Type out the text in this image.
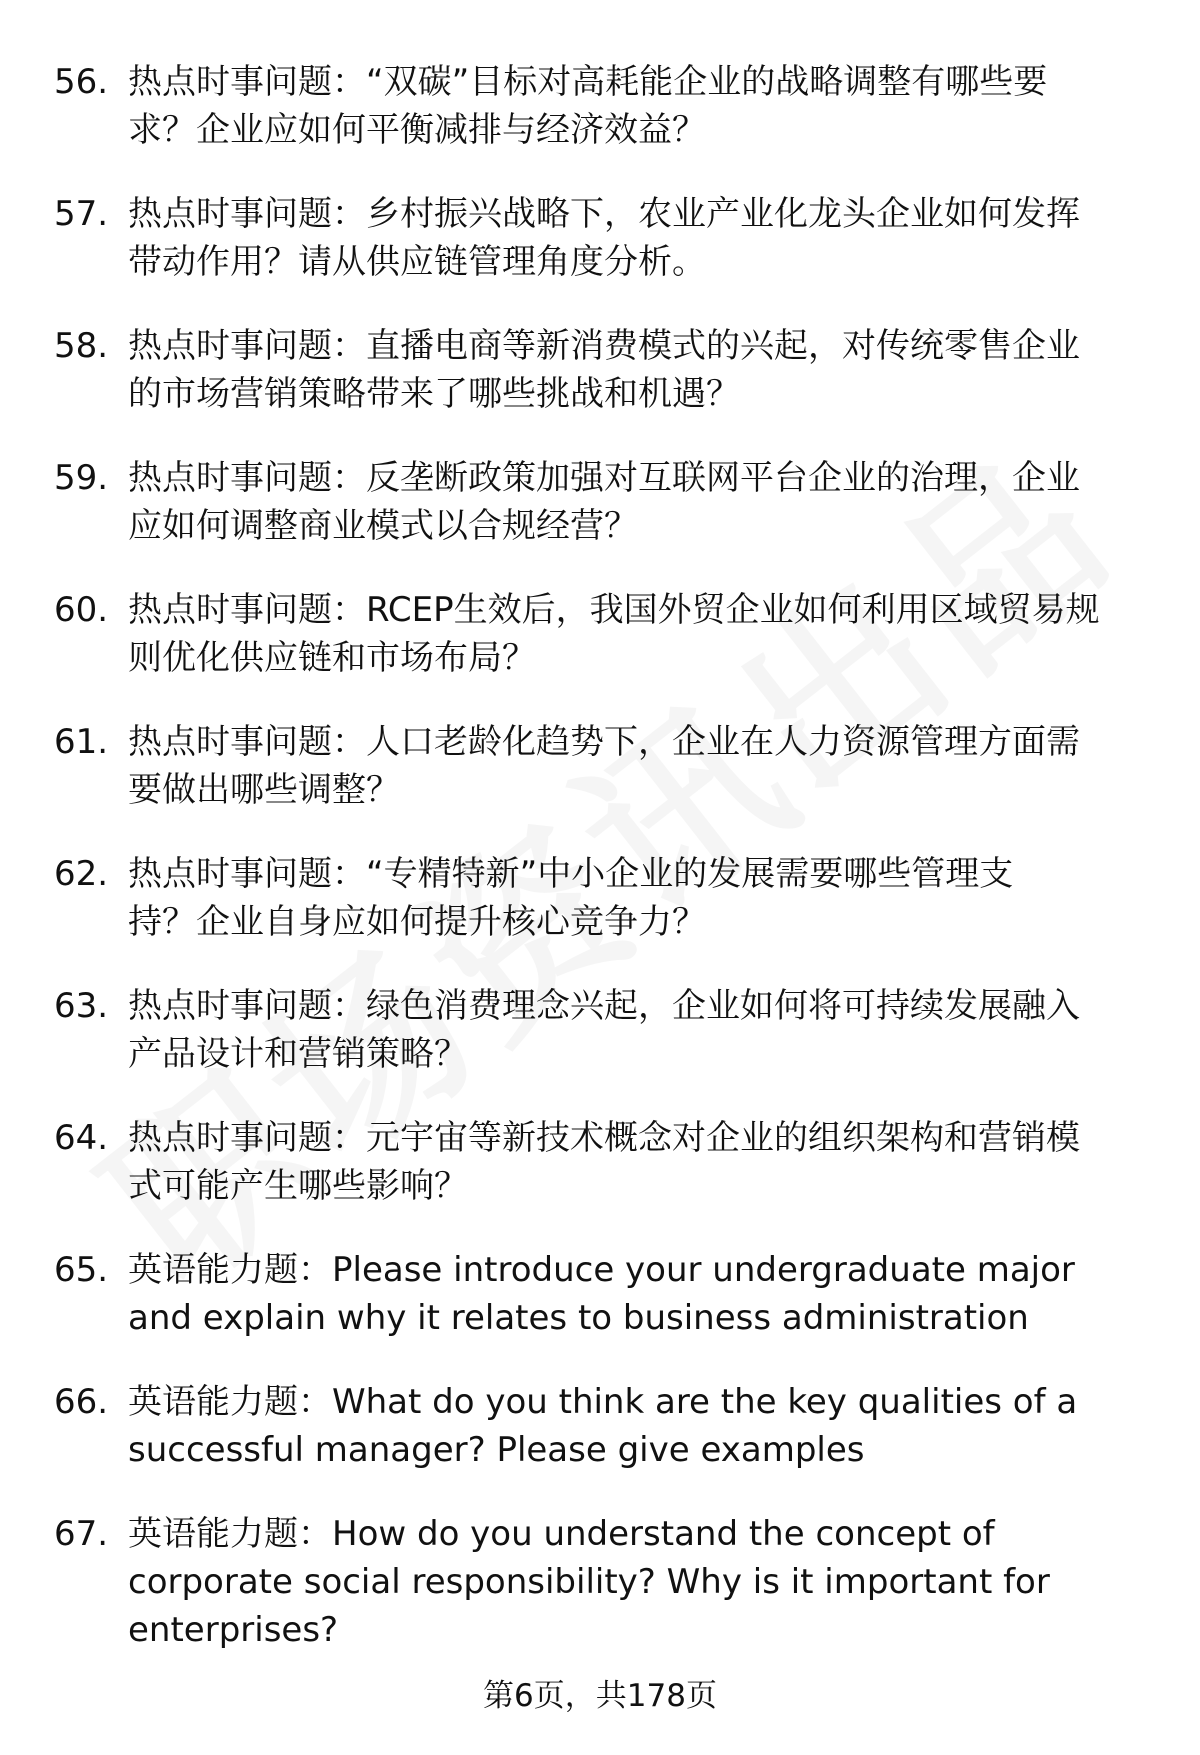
56. 热点时事问题：“双碳”目标对高耗能企业的战略调整有哪些要
求？企业应如何平衡减排与经济效益？
57. 热点时事问题：乡村振兴战略下，农业产业化龙头企业如何发挥
带动作用？请从供应链管理角度分析。
58. 热点时事问题：直播电商等新消费模式的兴起，对传统零售企业
的市场营销策略带来了哪些挑战和机遇？
59. 热点时事问题：反垄断政策加强对互联网平台企业的治理，企业
应如何调整商业模式以合规经营？
60. 热点时事问题：RCEP生效后，我国外贸企业如何利用区域贸易规
则优化供应链和市场布局？
61. 热点时事问题：人口老龄化趋势下，企业在人力资源管理方面需
要做出哪些调整？
62. 热点时事问题：“专精特新”中小企业的发展需要哪些管理支
持？企业自身应如何提升核心竞争力？
63. 热点时事问题：绿色消费理念兴起，企业如何将可持续发展融入
产品设计和营销策略？
64. 热点时事问题：元宇宙等新技术概念对企业的组织架构和营销模
式可能产生哪些影响？
65. 英语能力题：Please introduce your undergraduate major
and explain why it relates to business administration
66. 英语能力题：What do you think are the key qualities of a
successful manager? Please give examples
67. 英语能力题：How do you understand the concept of
corporate social responsibility? Why is it important for
enterprises?
第6页，共178页
